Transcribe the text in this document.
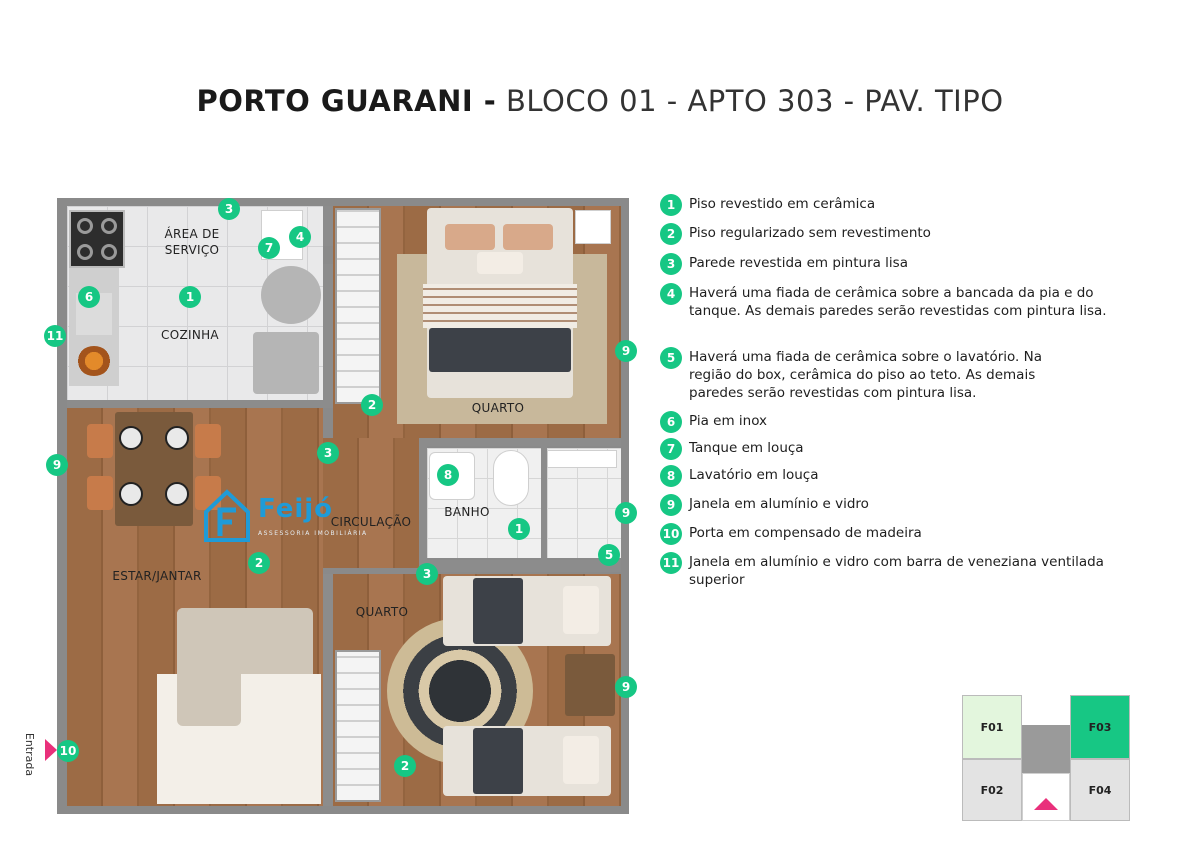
PORTO GUARANI - BLOCO 01 - APTO 303 - PAV. TIPO
ÁREA DE
SERVIÇO
COZINHA
QUARTO
BANHO
CIRCULAÇÃO
ESTAR/JANTAR
QUARTO
3
4
7
6	1
11
9
2
3
9
8
1
9
5
3
2
9
10
2
Feijó
ASSESSORIA IMOBILIÁRIA
Entrada
1	Piso revestido em cerâmica
2	Piso regularizado sem revestimento
3	Parede revestida em pintura lisa
4	Haverá uma fiada de cerâmica sobre a bancada da pia e do tanque. As demais paredes serão revestidas com pintura lisa.
5	Haverá uma fiada de cerâmica sobre o lavatório. Na região do box, cerâmica do piso ao teto. As demais paredes serão revestidas com pintura lisa.
6	Pia em inox
7	Tanque em louça
8	Lavatório em louça
9	Janela em alumínio e vidro
10 Porta em compensado de madeira
11 Janela em alumínio e vidro com barra de veneziana ventilada superior
F01	F03
F02	F04
